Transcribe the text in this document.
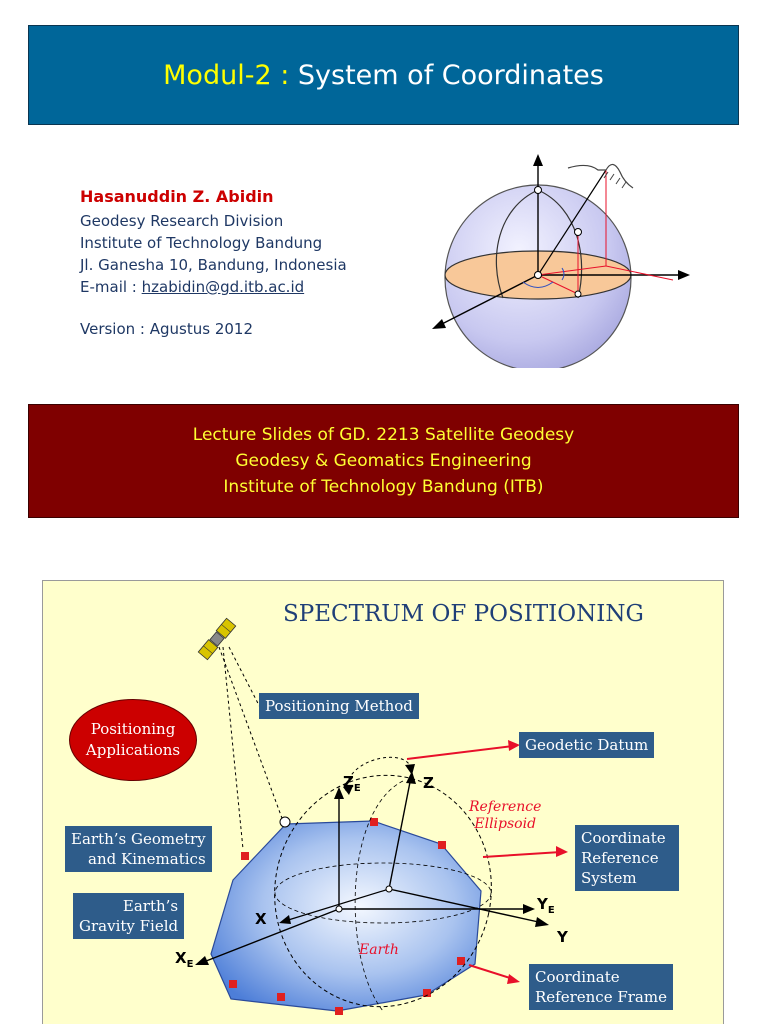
Modul-2 :
System of Coordinates
Hasanuddin Z. Abidin
Geodesy Research Division
Institute of Technology Bandung
Jl. Ganesha 10, Bandung, Indonesia
E-mail : hzabidin@gd.itb.ac.id
Version : Agustus 2012
Lecture Slides of GD. 2213 Satellite Geodesy
Geodesy & Geomatics Engineering
Institute of Technology Bandung (ITB)
SPECTRUM OF POSITIONING
Positioning
Applications
Positioning Method
Geodetic Datum
Coordinate
Reference
System
Coordinate
Reference Frame
Earth’s Geometry
and Kinematics
Earth’s
Gravity Field
Reference
Ellipsoid
Earth
$Z_E$	Z
$Y_E$
Y
X
$X_E$
